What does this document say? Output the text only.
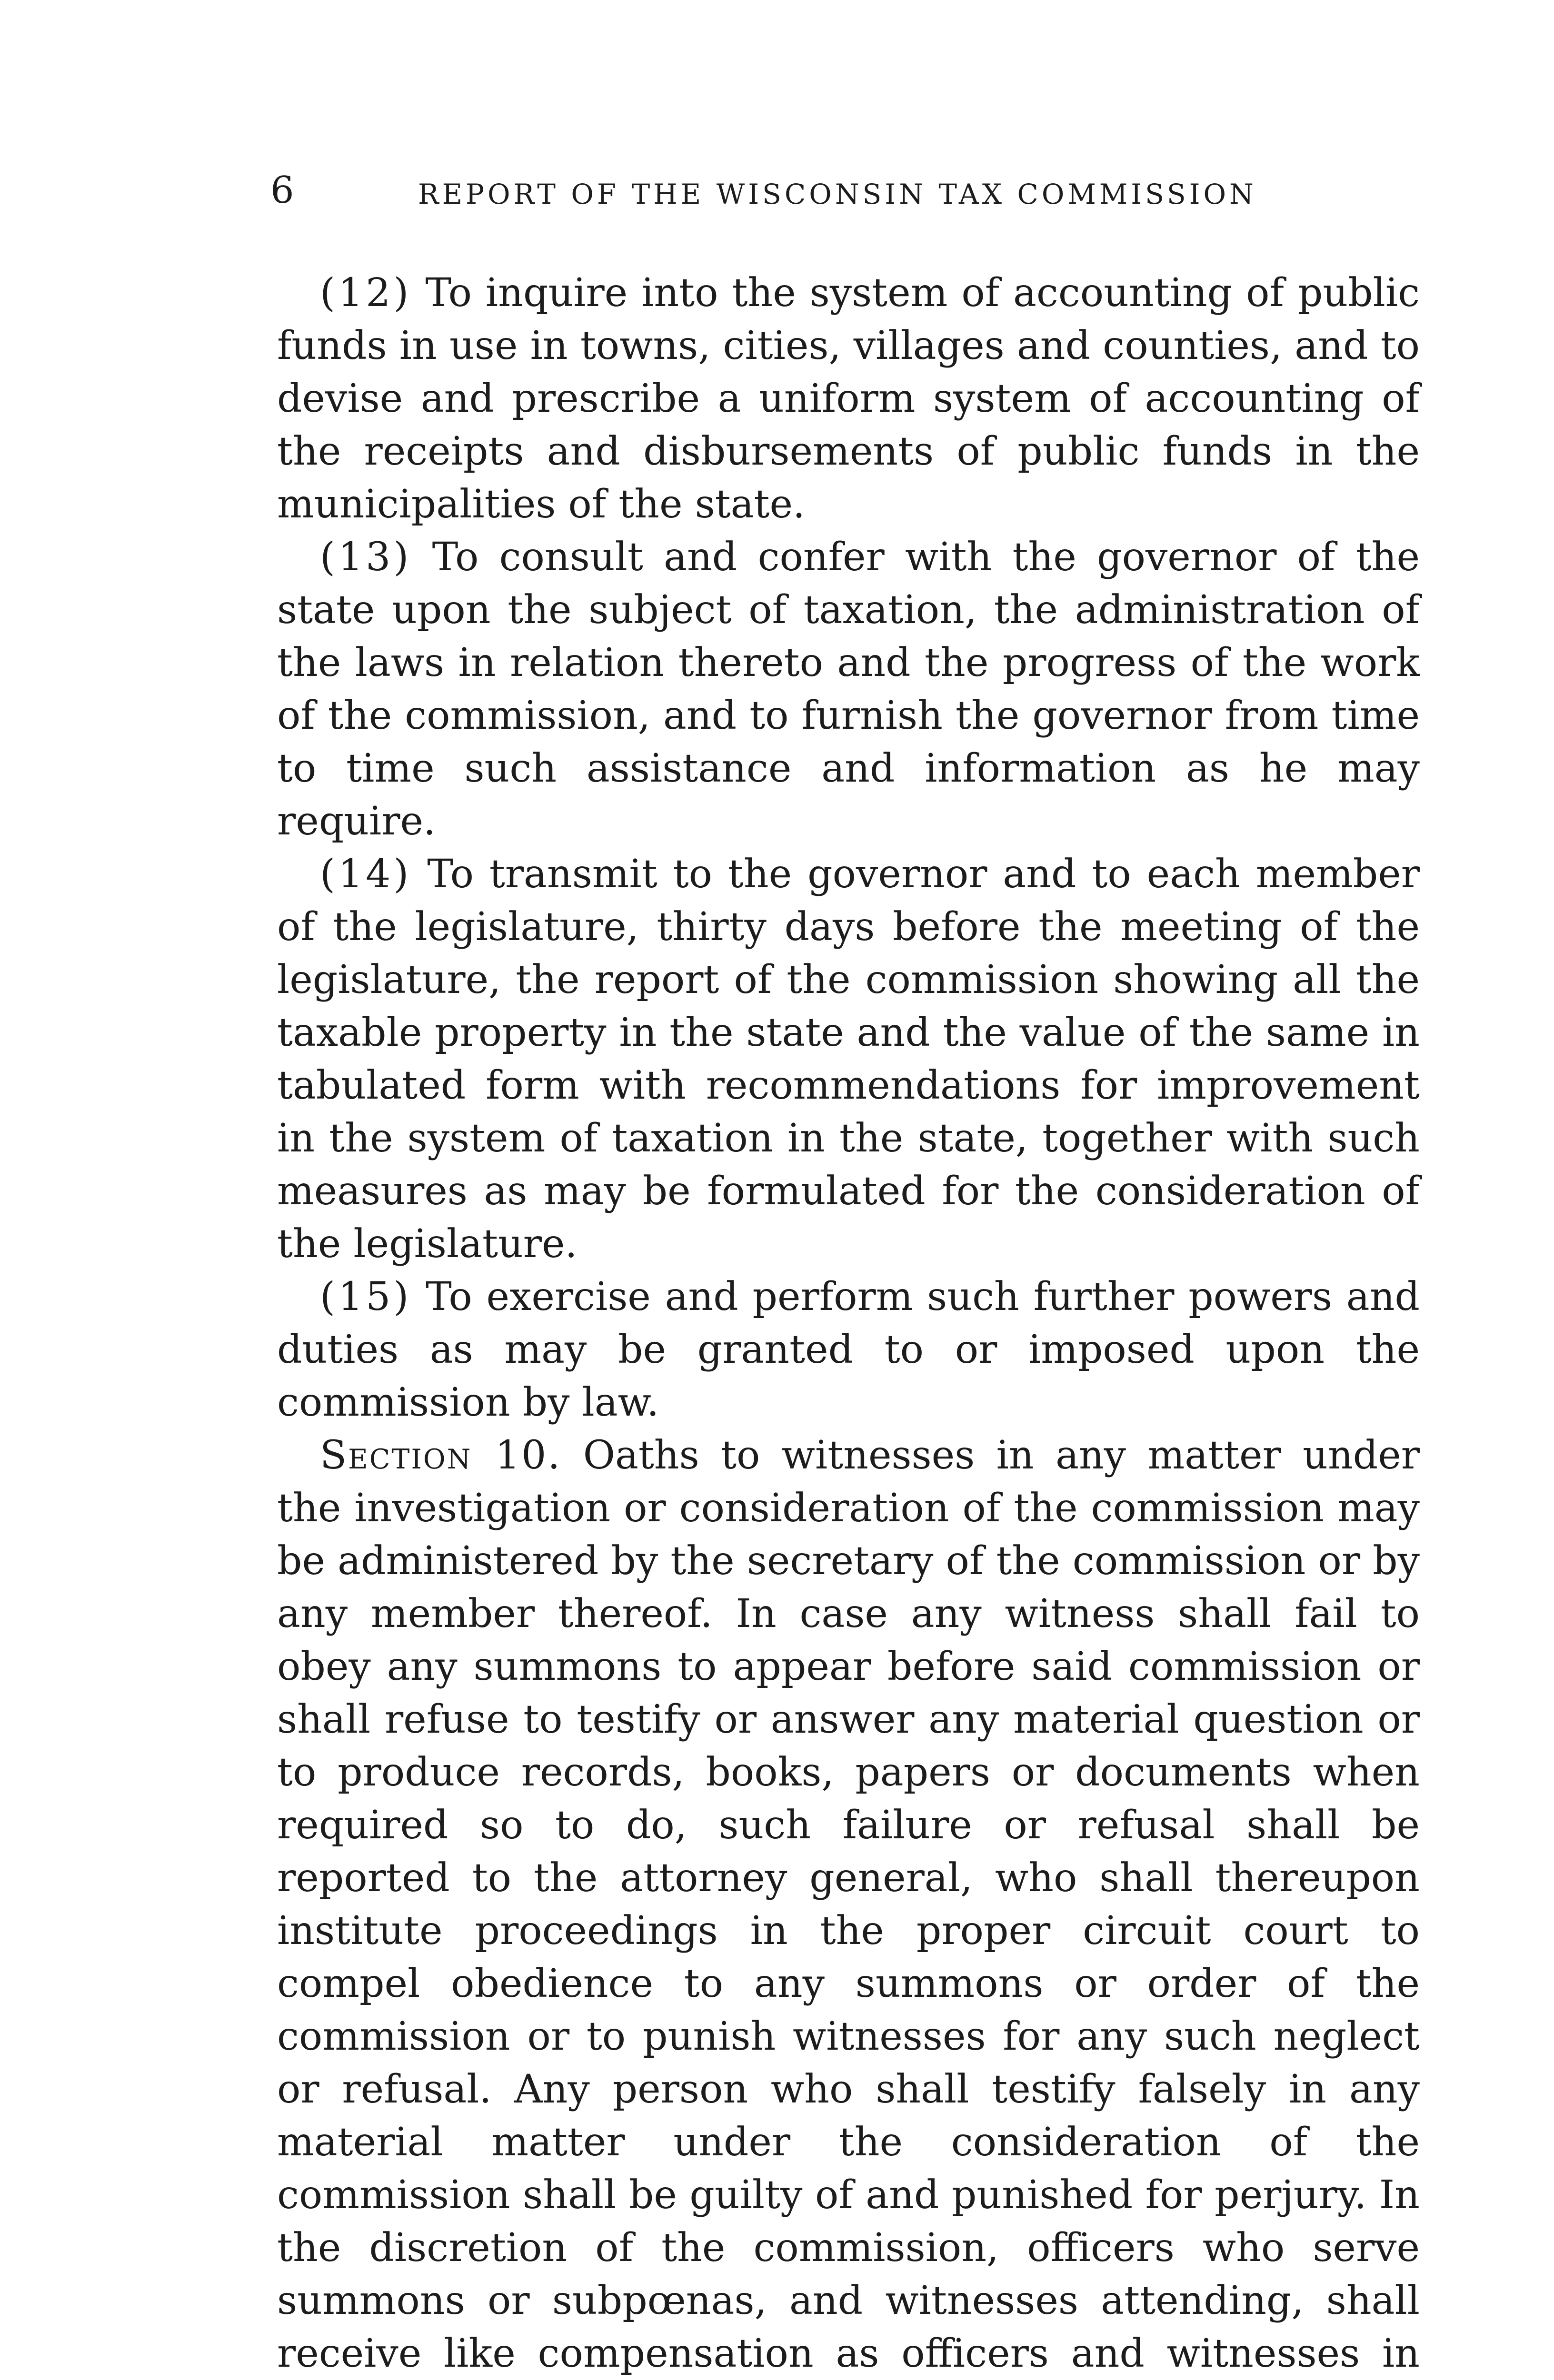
6	REPORT OF THE WISCONSIN TAX COMMISSION

(12) To inquire into the system of accounting of public funds in use in towns, cities, villages and counties, and to devise and prescribe a uniform system of accounting of the receipts and disbursements of public funds in the municipalities of the state.

(13) To consult and confer with the governor of the state upon the subject of taxation, the administration of the laws in relation thereto and the progress of the work of the commission, and to furnish the governor from time to time such assistance and information as he may require.

(14) To transmit to the governor and to each member of the legislature, thirty days before the meeting of the legislature, the report of the commission showing all the taxable property in the state and the value of the same in tabulated form with recommendations for improvement in the system of taxation in the state, together with such measures as may be formulated for the consideration of the legislature.

(15) To exercise and perform such further powers and duties as may be granted to or imposed upon the commission by law.

Section 10. Oaths to witnesses in any matter under the investigation or consideration of the commission may be administered by the secretary of the commission or by any member thereof. In case any witness shall fail to obey any summons to appear before said commission or shall refuse to testify or answer any material question or to produce records, books, papers or documents when required so to do, such failure or refusal shall be reported to the attorney general, who shall thereupon institute proceedings in the proper circuit court to compel obedience to any summons or order of the commission or to punish witnesses for any such neglect or refusal. Any person who shall testify falsely in any material matter under the consideration of the commission shall be guilty of and punished for perjury. In the discretion of the commission, officers who serve summons or subpœnas, and witnesses attending, shall receive like compensation as officers and witnesses in
